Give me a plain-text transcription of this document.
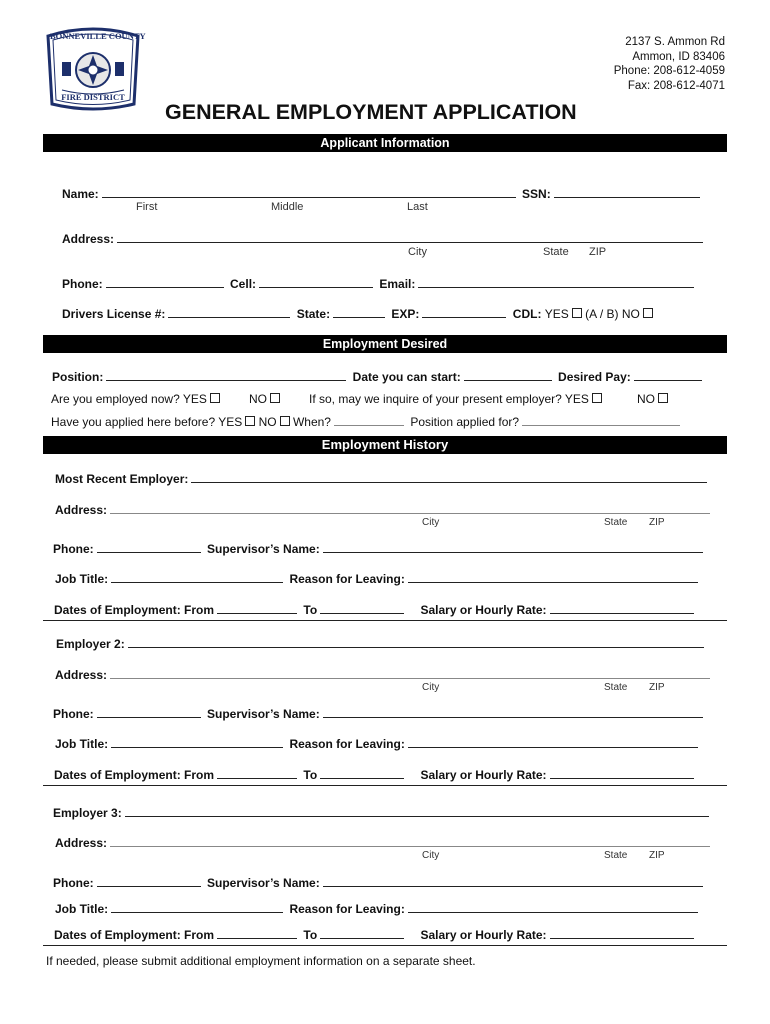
BONNEVILLE COUNTY
FIRE DISTRICT
2137 S. Ammon Rd
Ammon, ID 83406
Phone: 208-612-4059
Fax: 208-612-4071
GENERAL EMPLOYMENT APPLICATION
Applicant Information
Name:	SSN:
First	Middle	Last
Address:
City	State ZIP
Phone:	Cell:	Email:
Drivers License #:	State:	EXP:	CDL: YES (A / B) NO
Employment Desired
Position:	Date you can start:	Desired Pay:
Are you employed now? YES	NO	If so, may we inquire of your present employer? YES	NO
Have you applied here before? YES NO When?	Position applied for?
Employment History
Most Recent Employer:
Address:
City	State ZIP
Phone:	Supervisor’s Name:
Job Title:	Reason for Leaving:
Dates of Employment: From	To	Salary or Hourly Rate:
Employer 2:
Address:
City	State ZIP
Phone:	Supervisor’s Name:
Job Title:	Reason for Leaving:
Dates of Employment: From	To	Salary or Hourly Rate:
Employer 3:
Address:
City	State ZIP
Phone:	Supervisor’s Name:
Job Title:	Reason for Leaving:
Dates of Employment: From	To	Salary or Hourly Rate:
If needed, please submit additional employment information on a separate sheet.
